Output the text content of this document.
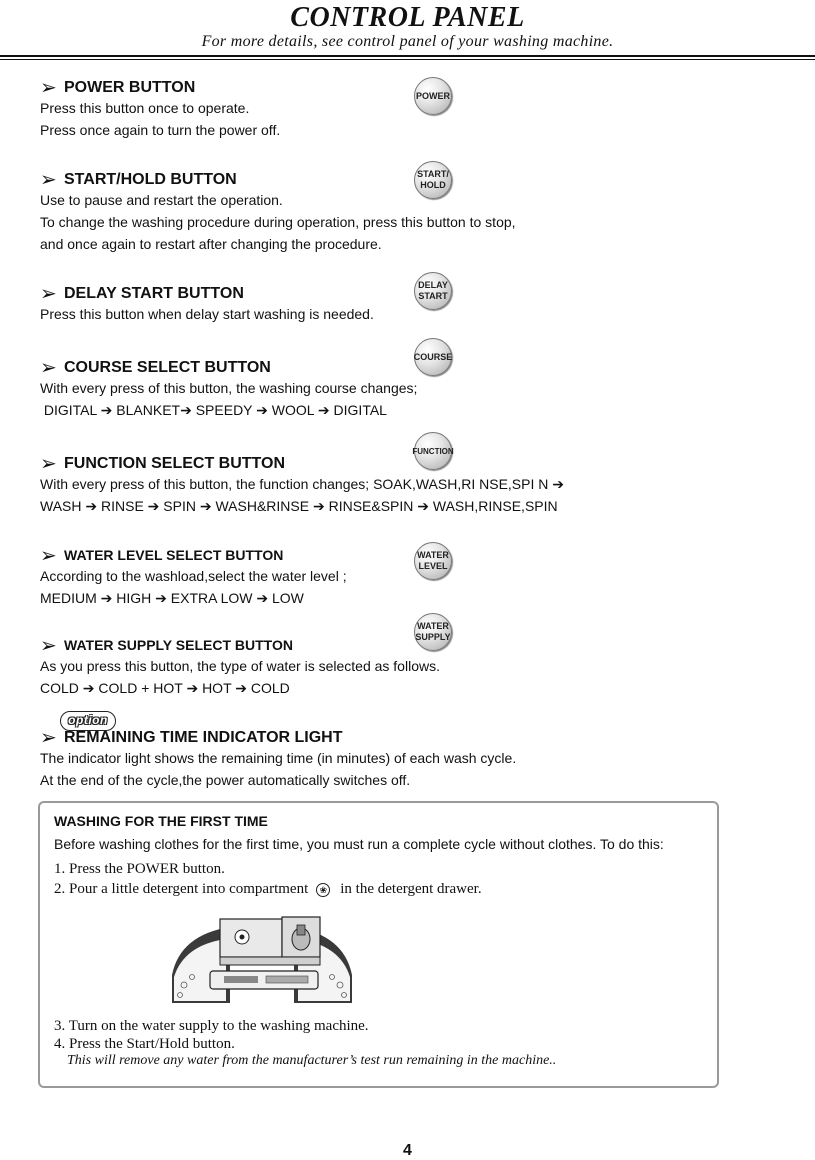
CONTROL PANEL
For more details, see control panel of your washing machine.
➢ POWER BUTTON

Press this button once to operate.

Press once again to turn the power off.

POWER
➢ START/HOLD BUTTON

Use to pause and restart the operation.

To change the washing procedure during operation, press this button to stop,

and once again to restart after changing the procedure.

START/
HOLD
➢ DELAY START BUTTON

Press this button when delay start washing is needed.

DELAY
START
➢ COURSE SELECT BUTTON

With every press of this button, the washing course changes;

DIGITAL ➔ BLANKET➔ SPEEDY ➔ WOOL ➔ DIGITAL

COURSE
➢ FUNCTION SELECT BUTTON

With every press of this button, the function changes; SOAK,WASH,RI NSE,SPI N ➔

WASH ➔ RINSE ➔ SPIN ➔ WASH&RINSE ➔ RINSE&SPIN ➔ WASH,RINSE,SPIN

FUNCTION
➢ WATER LEVEL SELECT BUTTON

According to the washload,select the water level ;

MEDIUM ➔ HIGH ➔ EXTRA LOW ➔ LOW

WATER
LEVEL
➢ WATER SUPPLY SELECT BUTTON

As you press this button, the type of water is selected as follows.

COLD ➔ COLD + HOT ➔ HOT ➔ COLD

WATER
SUPPLY
option
➢ REMAINING TIME INDICATOR LIGHT

The indicator light shows the remaining time (in minutes) of each wash cycle.

At the end of the cycle,the power automatically switches off.

WASHING FOR THE FIRST TIME

Before washing clothes for the first time, you must run a complete cycle without clothes. To do this:

1. Press the POWER button.

2. Pour a little detergent into compartment ❀ in the detergent drawer.

3. Turn on the water supply to the washing machine.

4. Press the Start/Hold button.

This will remove any water from the manufacturer’s test run remaining in the machine..

4
